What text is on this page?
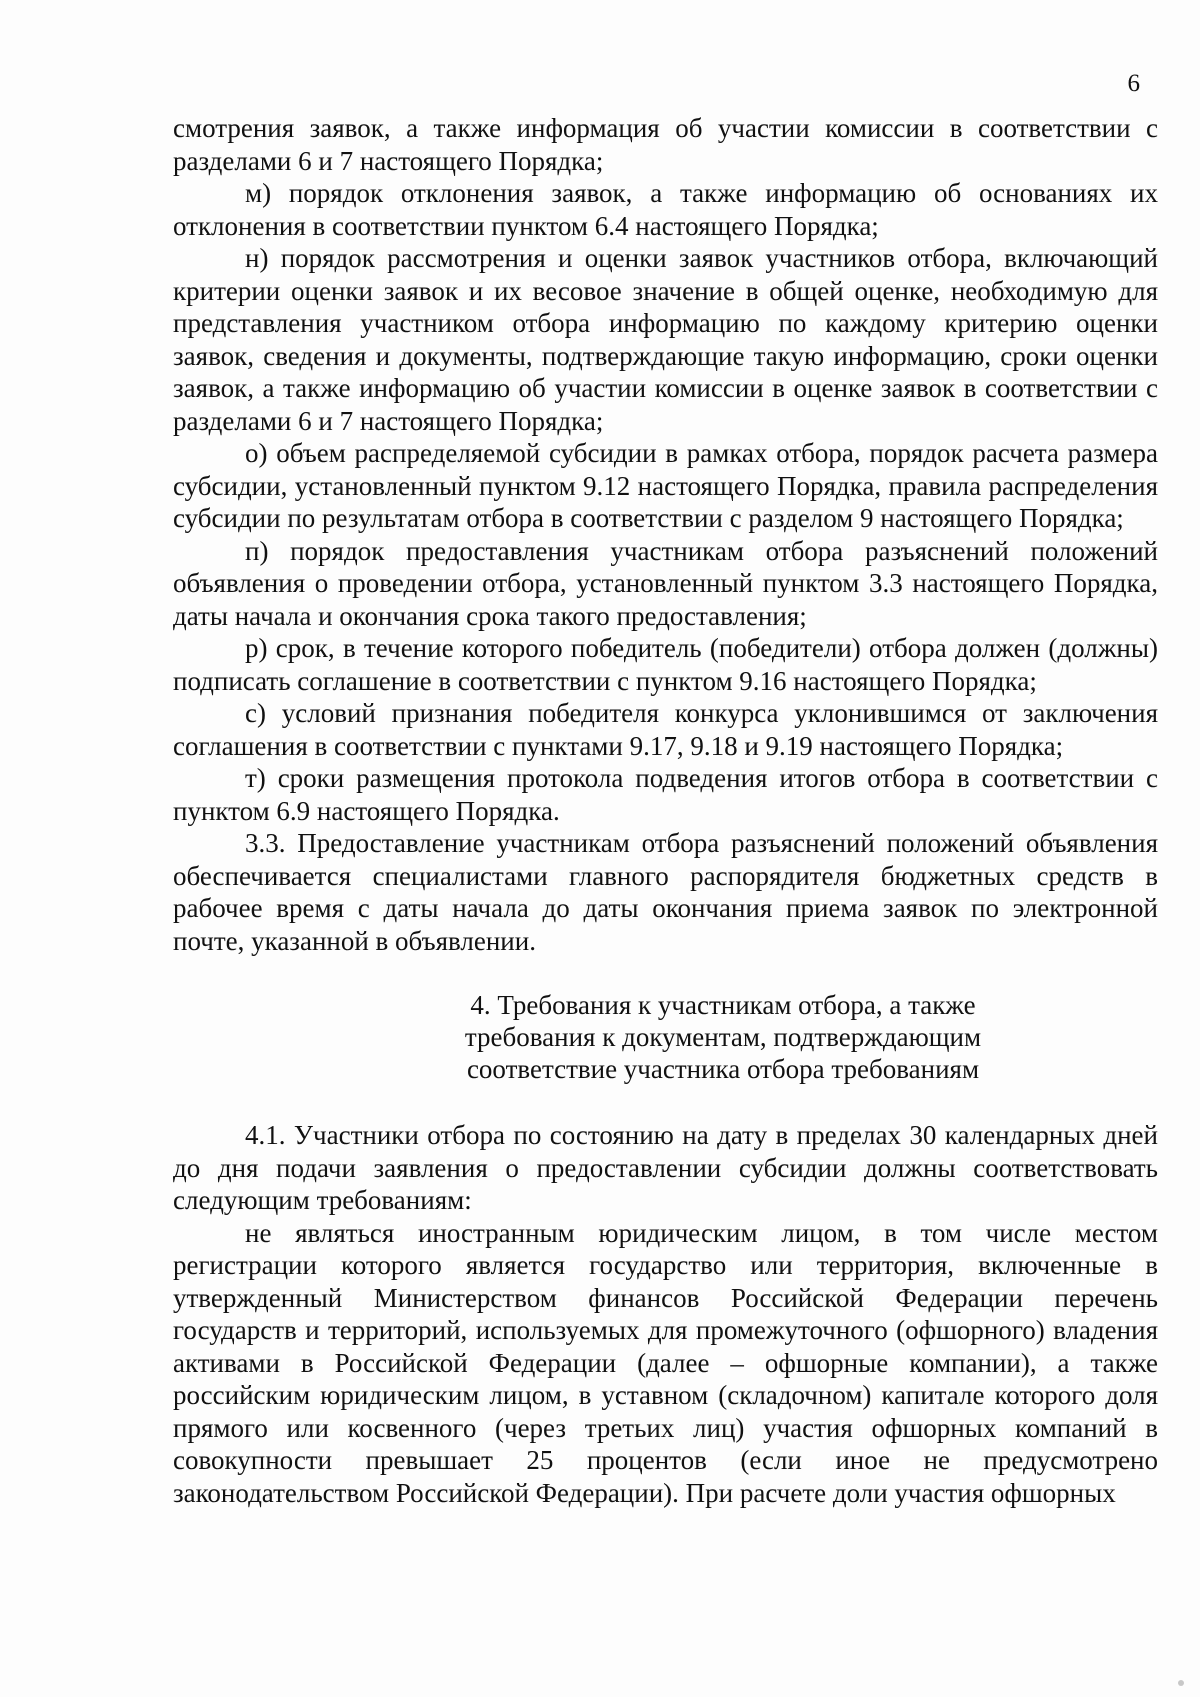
6

смотрения заявок, а также информация об участии комиссии в соответствии с разделами 6 и 7 настоящего Порядка;

м) порядок отклонения заявок, а также информацию об основаниях их отклонения в соответствии пунктом 6.4 настоящего Порядка;

н) порядок рассмотрения и оценки заявок участников отбора, включающий критерии оценки заявок и их весовое значение в общей оценке, необходимую для представления участником отбора информацию по каждому критерию оценки заявок, сведения и документы, подтверждающие такую информацию, сроки оценки заявок, а также информацию об участии комиссии в оценке заявок в соответствии с разделами 6 и 7 настоящего Порядка;

о) объем распределяемой субсидии в рамках отбора, порядок расчета размера субсидии, установленный пунктом 9.12 настоящего Порядка, правила распределения субсидии по результатам отбора в соответствии с разделом 9 настоящего Порядка;

п) порядок предоставления участникам отбора разъяснений положений объявления о проведении отбора, установленный пунктом 3.3 настоящего Порядка, даты начала и окончания срока такого предоставления;

р) срок, в течение которого победитель (победители) отбора должен (должны) подписать соглашение в соответствии с пунктом 9.16 настоящего Порядка;

с) условий признания победителя конкурса уклонившимся от заключения соглашения в соответствии с пунктами 9.17, 9.18 и 9.19 настоящего Порядка;

т) сроки размещения протокола подведения итогов отбора в соответствии с пунктом 6.9 настоящего Порядка.

3.3. Предоставление участникам отбора разъяснений положений объявления обеспечивается специалистами главного распорядителя бюджетных средств в рабочее время с даты начала до даты окончания приема заявок по электронной почте, указанной в объявлении.

4. Требования к участникам отбора, а также
требования к документам, подтверждающим
соответствие участника отбора требованиям

4.1. Участники отбора по состоянию на дату в пределах 30 календарных дней до дня подачи заявления о предоставлении субсидии должны соответствовать следующим требованиям:

не являться иностранным юридическим лицом, в том числе местом регистрации которого является государство или территория, включенные в утвержденный Министерством финансов Российской Федерации перечень государств и территорий, используемых для промежуточного (офшорного) владения активами в Российской Федерации (далее – офшорные компании), а также российским юридическим лицом, в уставном (складочном) капитале которого доля прямого или косвенного (через третьих лиц) участия офшорных компаний в совокупности превышает 25 процентов (если иное не предусмотрено законодательством Российской Федерации). При расчете доли участия офшорных
